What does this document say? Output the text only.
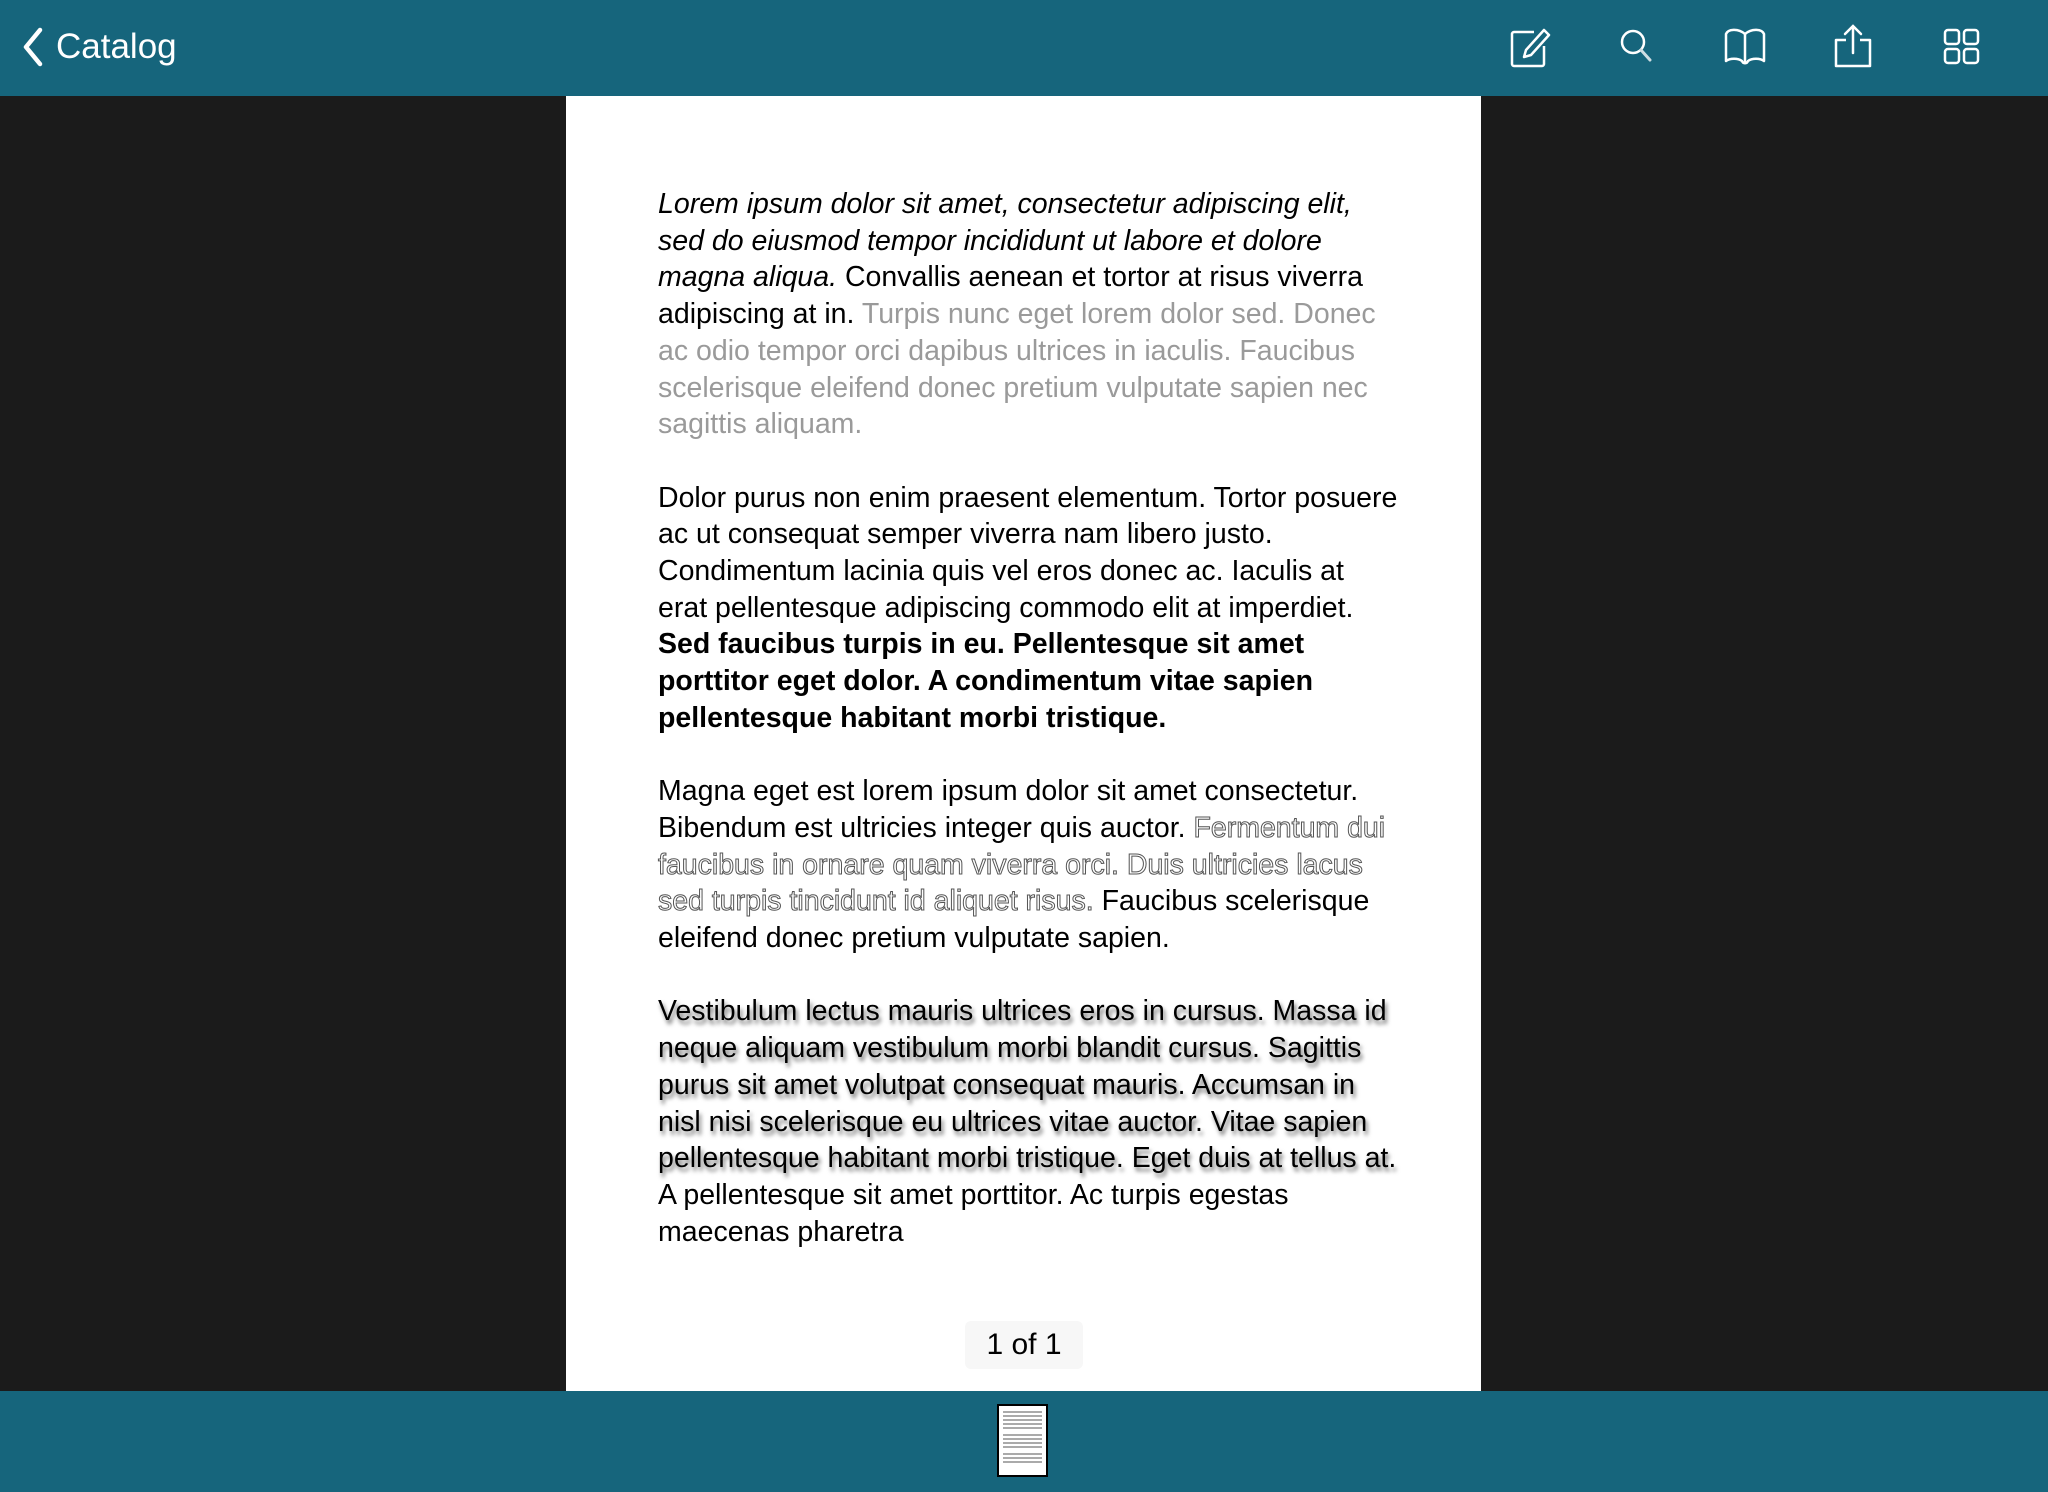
Catalog

Lorem ipsum dolor sit amet, consectetur adipiscing elit, sed do eiusmod tempor incididunt ut labore et dolore magna aliqua. Convallis aenean et tortor at risus viverra adipiscing at in. Turpis nunc eget lorem dolor sed. Donec ac odio tempor orci dapibus ultrices in iaculis. Faucibus scelerisque eleifend donec pretium vulputate sapien nec sagittis aliquam.

Dolor purus non enim praesent elementum. Tortor posuere ac ut consequat semper viverra nam libero justo. Condimentum lacinia quis vel eros donec ac. Iaculis at erat pellentesque adipiscing commodo elit at imperdiet. Sed faucibus turpis in eu. Pellentesque sit amet porttitor eget dolor. A condimentum vitae sapien pellentesque habitant morbi tristique.

Magna eget est lorem ipsum dolor sit amet consectetur. Bibendum est ultricies integer quis auctor. Fermentum dui faucibus in ornare quam viverra orci. Duis ultricies lacus sed turpis tincidunt id aliquet risus. Faucibus scelerisque eleifend donec pretium vulputate sapien.

Vestibulum lectus mauris ultrices eros in cursus. Massa id neque aliquam vestibulum morbi blandit cursus. Sagittis purus sit amet volutpat consequat mauris. Accumsan in nisl nisi scelerisque eu ultrices vitae auctor. Vitae sapien pellentesque habitant morbi tristique. Eget duis at tellus at. A pellentesque sit amet porttitor. Ac turpis egestas maecenas pharetra

1 of 1
